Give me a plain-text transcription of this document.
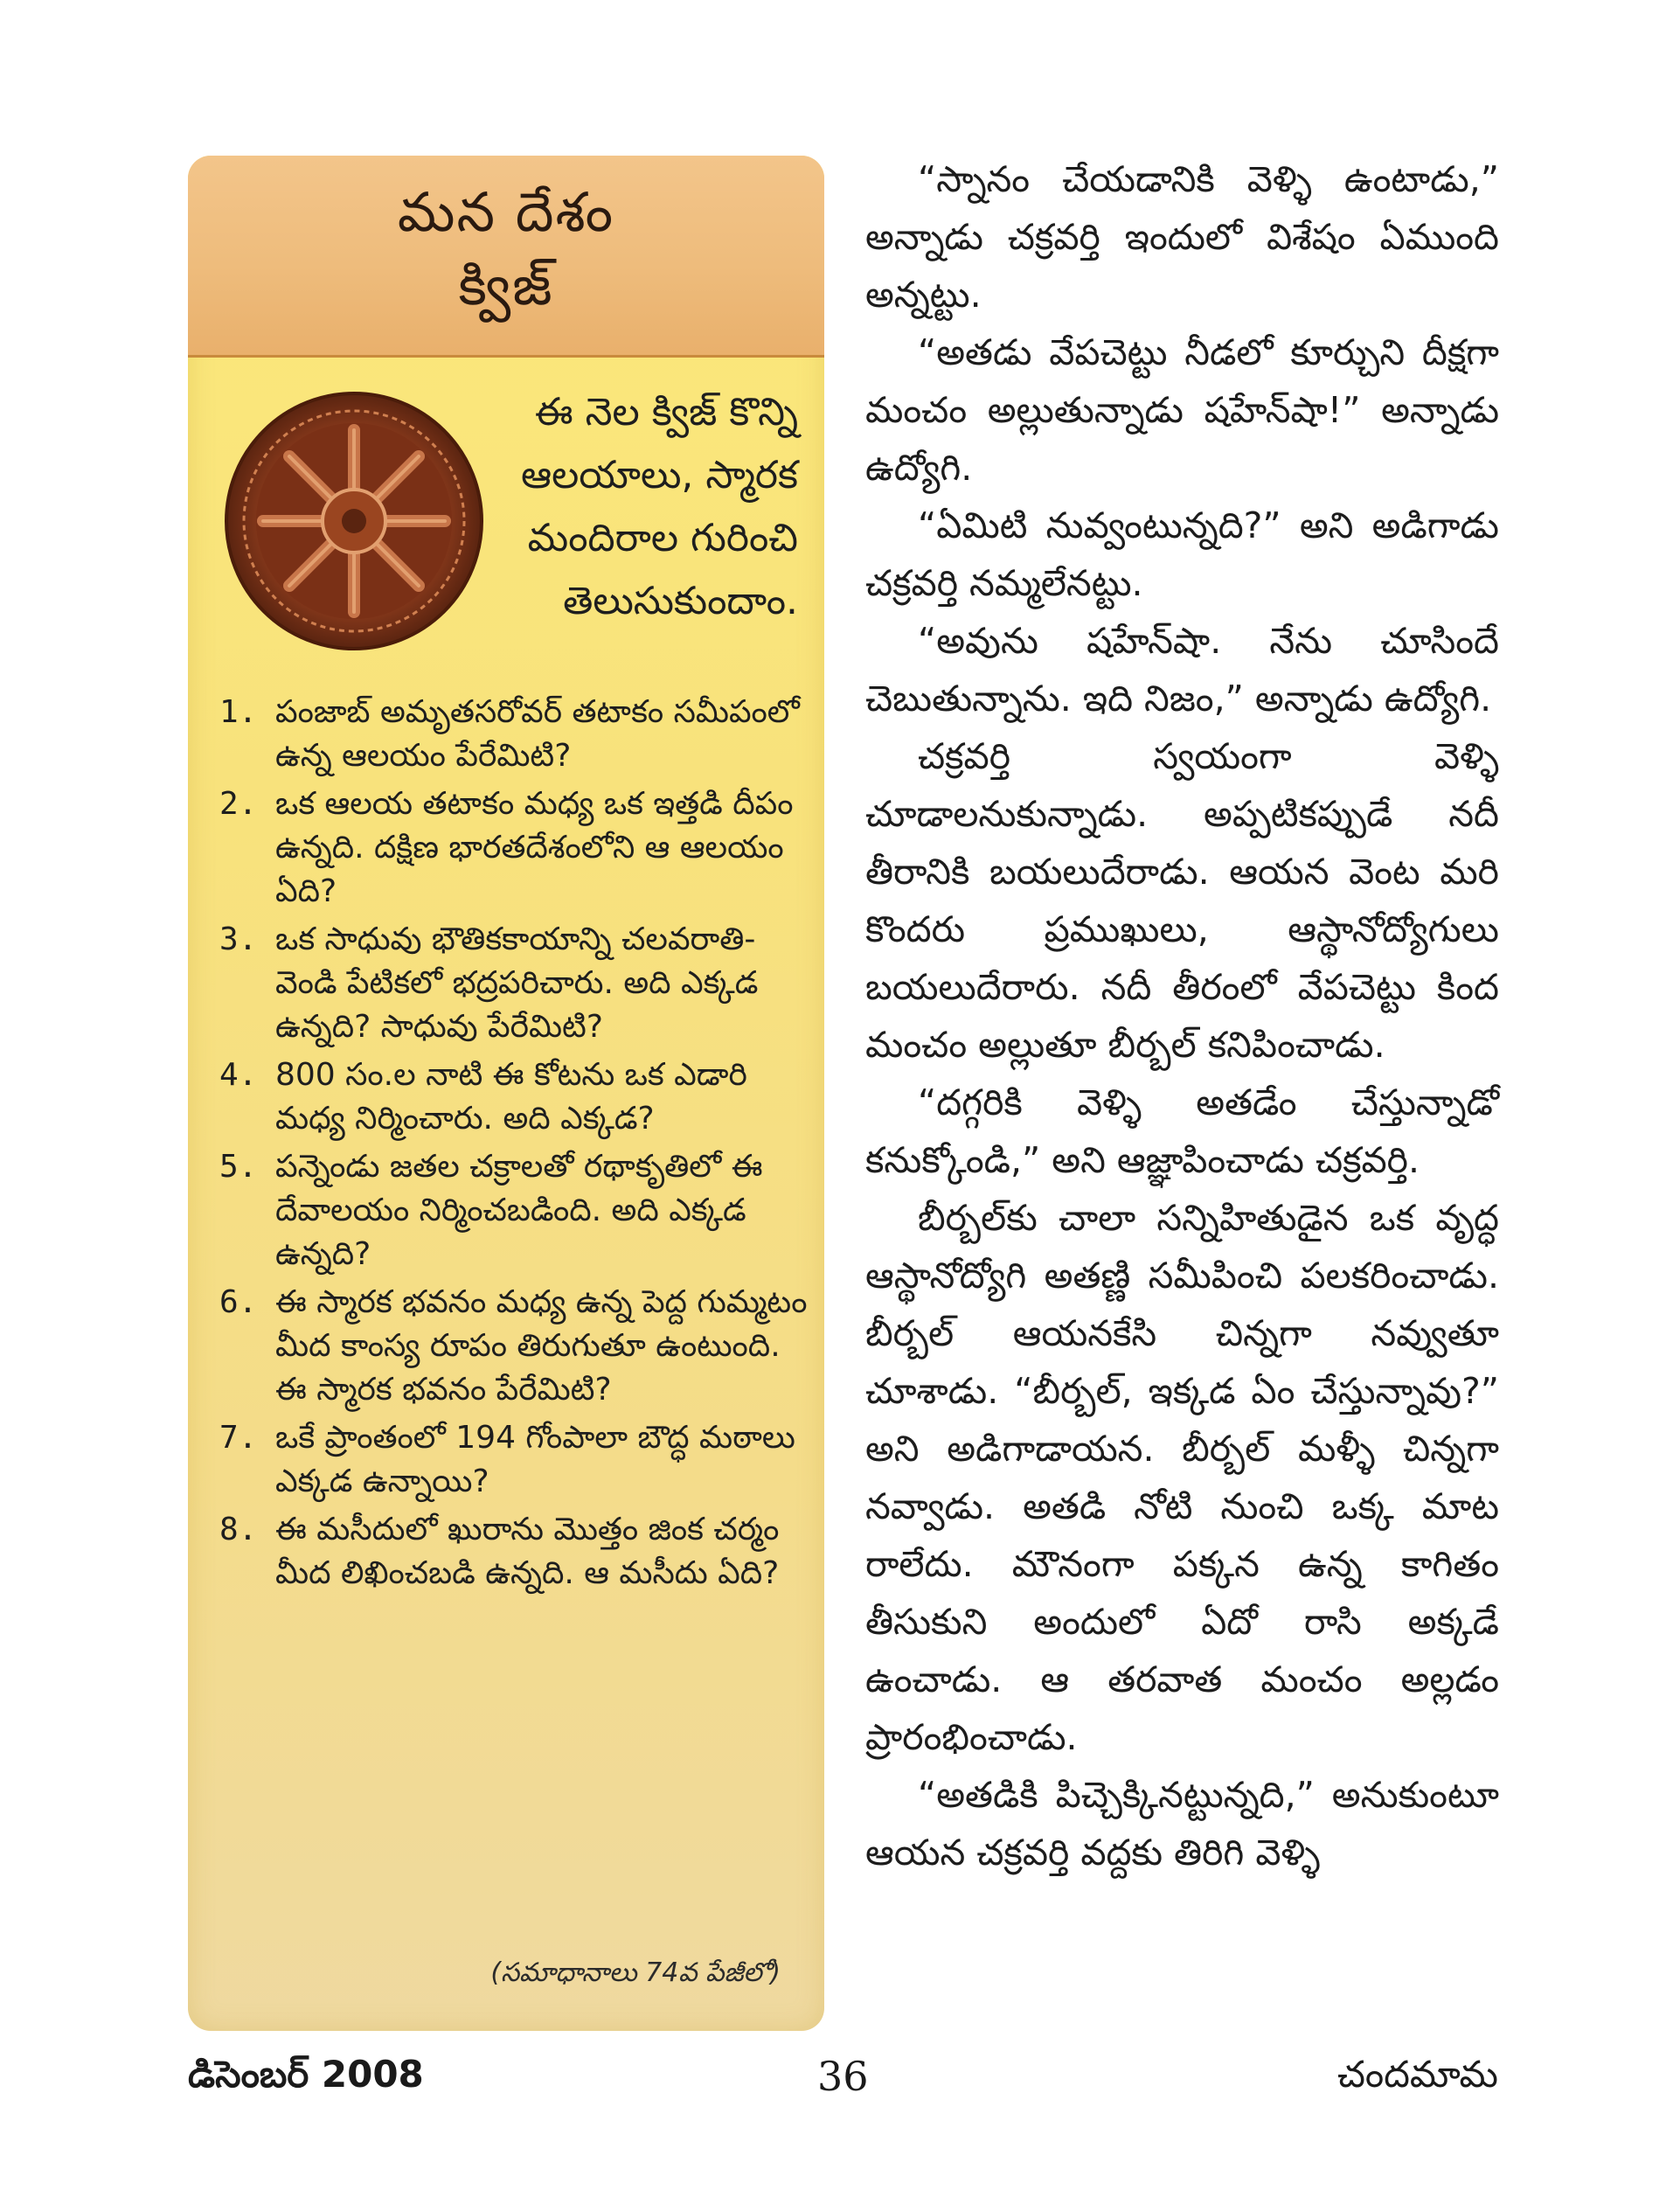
మన దేశం
క్విజ్
ఈ నెల క్విజ్ కొన్ని
ఆలయాలు, స్మారక
మందిరాల గురించి
తెలుసుకుందాం.
1. పంజాబ్ అమృతసరోవర్ తటాకం సమీపంలో ఉన్న ఆలయం పేరేమిటి?
2. ఒక ఆలయ తటాకం మధ్య ఒక ఇత్తడి దీపం ఉన్నది. దక్షిణ భారతదేశంలోని ఆ ఆలయం ఏది?
3. ఒక సాధువు భౌతికకాయాన్ని చలవరాతి-వెండి పేటికలో భద్రపరిచారు. అది ఎక్కడ ఉన్నది? సాధువు పేరేమిటి?
4. 800 సం.ల నాటి ఈ కోటను ఒక ఎడారి మధ్య నిర్మించారు. అది ఎక్కడ?
5. పన్నెండు జతల చక్రాలతో రథాకృతిలో ఈ దేవాలయం నిర్మించబడింది. అది ఎక్కడ ఉన్నది?
6. ఈ స్మారక భవనం మధ్య ఉన్న పెద్ద గుమ్మటం మీద కాంస్య రూపం తిరుగుతూ ఉంటుంది. ఈ స్మారక భవనం పేరేమిటి?
7. ఒకే ప్రాంతంలో 194 గోంపాలా బౌద్ధ మఠాలు ఎక్కడ ఉన్నాయి?
8. ఈ మసీదులో ఖురాను మొత్తం జింక చర్మం మీద లిఖించబడి ఉన్నది. ఆ మసీదు ఏది?
(సమాధానాలు 74వ పేజీలో)

“స్నానం చేయడానికి వెళ్ళి ఉంటాడు,” అన్నాడు చక్రవర్తి ఇందులో విశేషం ఏముంది అన్నట్టు.

“అతడు వేపచెట్టు నీడలో కూర్చుని దీక్షగా మంచం అల్లుతున్నాడు షహేన్‌షా!” అన్నాడు ఉద్యోగి.

“ఏమిటి నువ్వంటున్నది?” అని అడిగాడు చక్రవర్తి నమ్మలేనట్టు.

“అవును షహేన్‌షా. నేను చూసిందే చెబుతున్నాను. ఇది నిజం,” అన్నాడు ఉద్యోగి.

చక్రవర్తి స్వయంగా వెళ్ళి చూడాలనుకున్నాడు. అప్పటికప్పుడే నదీ తీరానికి బయలుదేరాడు. ఆయన వెంట మరి కొందరు ప్రముఖులు, ఆస్థానోద్యోగులు బయలుదేరారు. నదీ తీరంలో వేపచెట్టు కింద మంచం అల్లుతూ బీర్బల్ కనిపించాడు.

“దగ్గరికి వెళ్ళి అతడేం చేస్తున్నాడో కనుక్కోండి,” అని ఆజ్ఞాపించాడు చక్రవర్తి.

బీర్బల్‌కు చాలా సన్నిహితుడైన ఒక వృద్ధ ఆస్థానోద్యోగి అతణ్ణి సమీపించి పలకరించాడు. బీర్బల్ ఆయనకేసి చిన్నగా నవ్వుతూ చూశాడు. “బీర్బల్, ఇక్కడ ఏం చేస్తున్నావు?” అని అడిగాడాయన. బీర్బల్ మళ్ళీ చిన్నగా నవ్వాడు. అతడి నోటి నుంచి ఒక్క మాట రాలేదు. మౌనంగా పక్కన ఉన్న కాగితం తీసుకుని అందులో ఏదో రాసి అక్కడే ఉంచాడు. ఆ తరవాత మంచం అల్లడం ప్రారంభించాడు.

“అతడికి పిచ్చెక్కినట్టున్నది,” అనుకుంటూ ఆయన చక్రవర్తి వద్దకు తిరిగి వెళ్ళి

డిసెంబర్ 2008	36	చందమామ
